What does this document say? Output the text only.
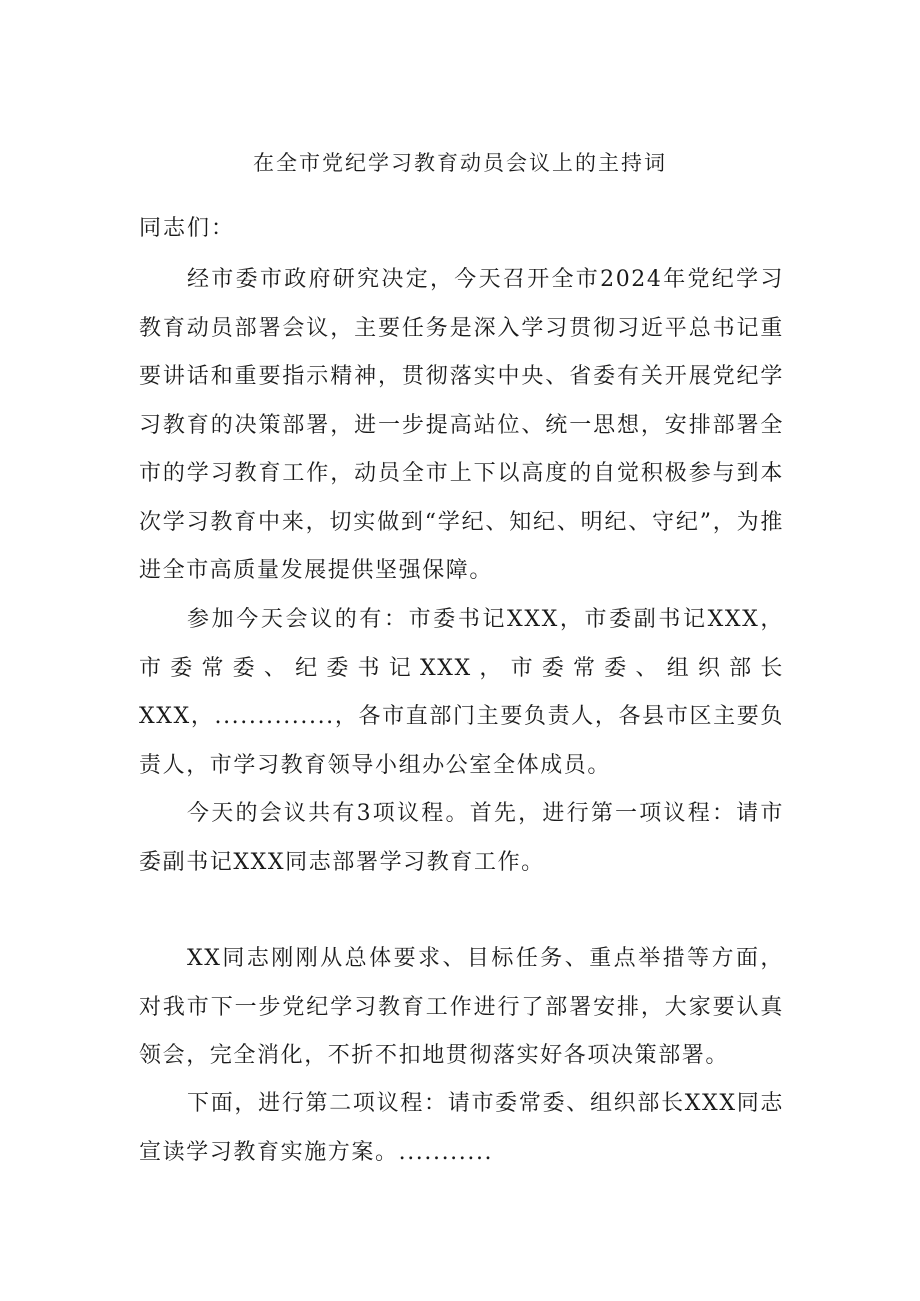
在全市党纪学习教育动员会议上的主持词
同志们：

经市委市政府研究决定，今天召开全市2024年党纪学习教育动员部署会议，主要任务是深入学习贯彻习近平总书记重要讲话和重要指示精神，贯彻落实中央、省委有关开展党纪学习教育的决策部署，进一步提高站位、统一思想，安排部署全市的学习教育工作，动员全市上下以高度的自觉积极参与到本次学习教育中来，切实做到“学纪、知纪、明纪、守纪”，为推进全市高质量发展提供坚强保障。

参加今天会议的有：市委书记XXX，市委副书记XXX，市委常委、纪委书记XXX，市委常委、组织部长XXX，..............，各市直部门主要负责人，各县市区主要负责人，市学习教育领导小组办公室全体成员。

今天的会议共有3项议程。首先，进行第一项议程：请市委副书记XXX同志部署学习教育工作。

XX同志刚刚从总体要求、目标任务、重点举措等方面，对我市下一步党纪学习教育工作进行了部署安排，大家要认真领会，完全消化，不折不扣地贯彻落实好各项决策部署。

下面，进行第二项议程：请市委常委、组织部长XXX同志宣读学习教育实施方案。...........
